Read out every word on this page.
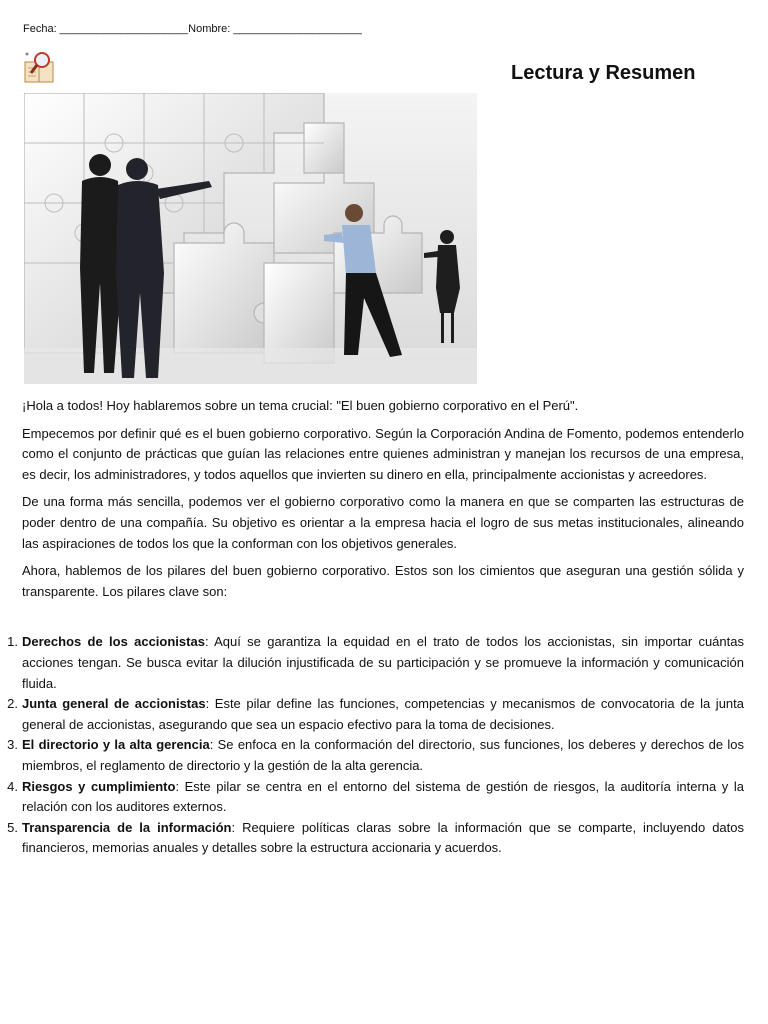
Fecha: _____________________Nombre: _____________________
Lectura y Resumen

¡Hola a todos! Hoy hablaremos sobre un tema crucial: "El buen gobierno corporativo en el Perú".

Empecemos por definir qué es el buen gobierno corporativo. Según la Corporación Andina de Fomento, podemos entenderlo como el conjunto de prácticas que guían las relaciones entre quienes administran y manejan los recursos de una empresa, es decir, los administradores, y todos aquellos que invierten su dinero en ella, principalmente accionistas y acreedores.

De una forma más sencilla, podemos ver el gobierno corporativo como la manera en que se comparten las estructuras de poder dentro de una compañía. Su objetivo es orientar a la empresa hacia el logro de sus metas institucionales, alineando las aspiraciones de todos los que la conforman con los objetivos generales.

Ahora, hablemos de los pilares del buen gobierno corporativo. Estos son los cimientos que aseguran una gestión sólida y transparente. Los pilares clave son:

1. Derechos de los accionistas: Aquí se garantiza la equidad en el trato de todos los accionistas, sin importar cuántas acciones tengan. Se busca evitar la dilución injustificada de su participación y se promueve la información y comunicación fluida.
2. Junta general de accionistas: Este pilar define las funciones, competencias y mecanismos de convocatoria de la junta general de accionistas, asegurando que sea un espacio efectivo para la toma de decisiones.
3. El directorio y la alta gerencia: Se enfoca en la conformación del directorio, sus funciones, los deberes y derechos de los miembros, el reglamento de directorio y la gestión de la alta gerencia.
4. Riesgos y cumplimiento: Este pilar se centra en el entorno del sistema de gestión de riesgos, la auditoría interna y la relación con los auditores externos.
5. Transparencia de la información: Requiere políticas claras sobre la información que se comparte, incluyendo datos financieros, memorias anuales y detalles sobre la estructura accionaria y acuerdos.
